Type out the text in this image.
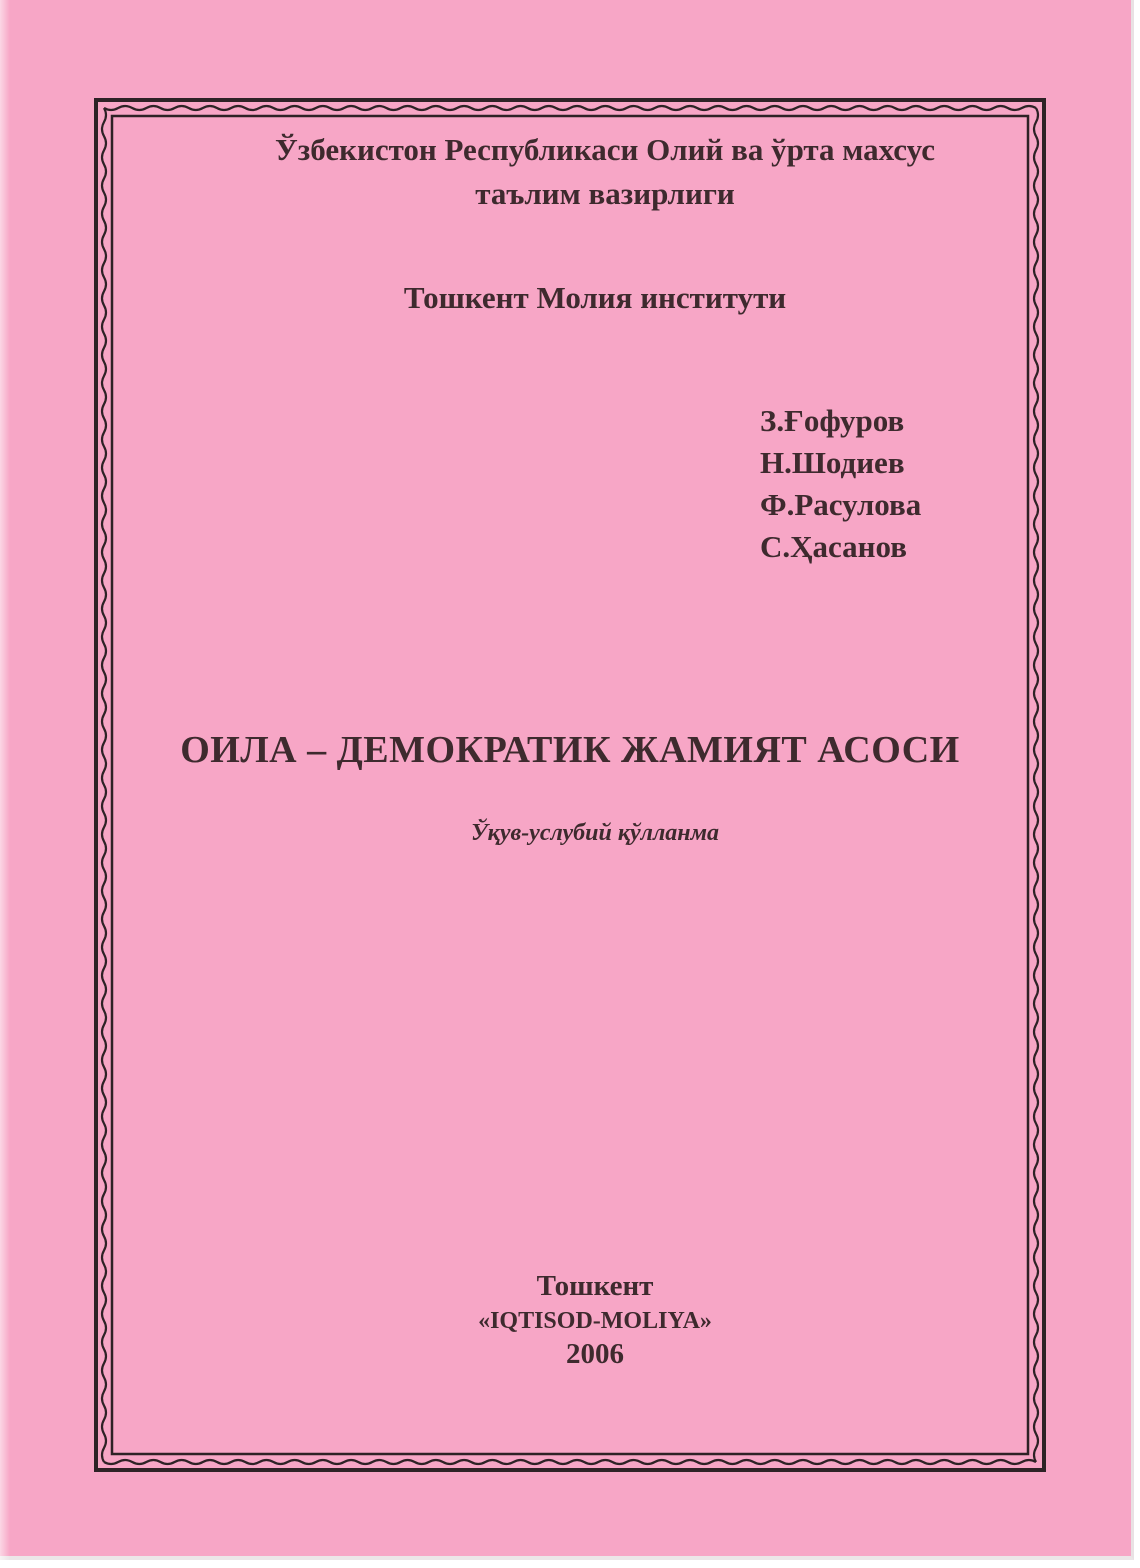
Ўзбекистон Республикаси Олий ва ўрта махсус
таълим вазирлиги
Тошкент Молия институти
З.Ғофуров
Н.Шодиев
Ф.Расулова
С.Ҳасанов
ОИЛА – ДЕМОКРАТИК ЖАМИЯТ АСОСИ
Ўқув-услубий қўлланма
Тошкент
«IQTISOD-MOLIYA»
2006
